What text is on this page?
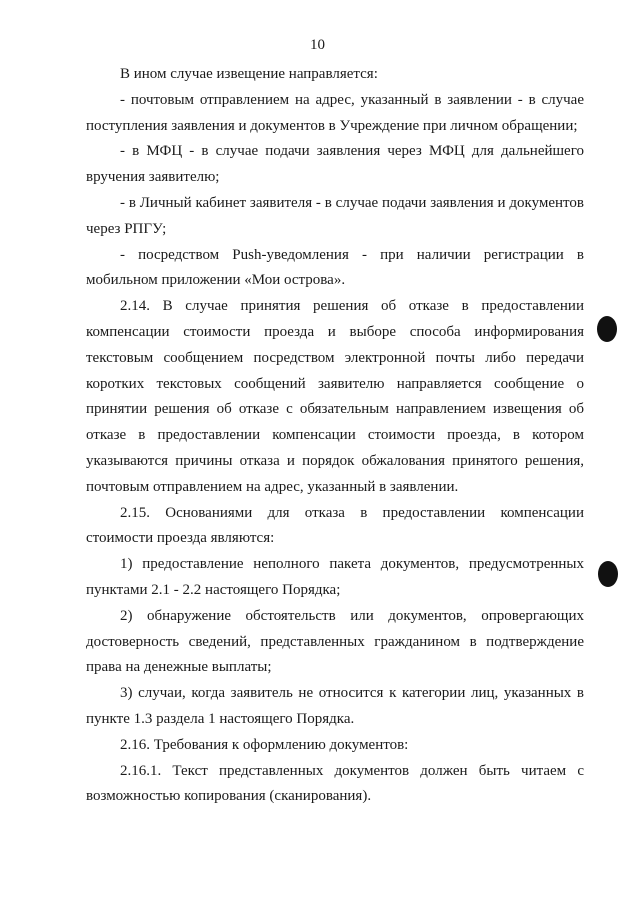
10

В ином случае извещение направляется:

- почтовым отправлением на адрес, указанный в заявлении - в случае поступления заявления и документов в Учреждение при личном обращении;

- в МФЦ - в случае подачи заявления через МФЦ для дальнейшего вручения заявителю;

- в Личный кабинет заявителя - в случае подачи заявления и документов через РПГУ;

- посредством Push-уведомления - при наличии регистрации в мобильном приложении «Мои острова».

2.14. В случае принятия решения об отказе в предоставлении компенсации стоимости проезда и выборе способа информирования текстовым сообщением посредством электронной почты либо передачи коротких текстовых сообщений заявителю направляется сообщение о принятии решения об отказе с обязательным направлением извещения об отказе в предоставлении компенсации стоимости проезда, в котором указываются причины отказа и порядок обжалования принятого решения, почтовым отправлением на адрес, указанный в заявлении.

2.15. Основаниями для отказа в предоставлении компенсации стоимости проезда являются:

1) предоставление неполного пакета документов, предусмотренных пунктами 2.1 - 2.2 настоящего Порядка;

2) обнаружение обстоятельств или документов, опровергающих достоверность сведений, представленных гражданином в подтверждение права на денежные выплаты;

3) случаи, когда заявитель не относится к категории лиц, указанных в пункте 1.3 раздела 1 настоящего Порядка.

2.16. Требования к оформлению документов:

2.16.1. Текст представленных документов должен быть читаем с возможностью копирования (сканирования).
